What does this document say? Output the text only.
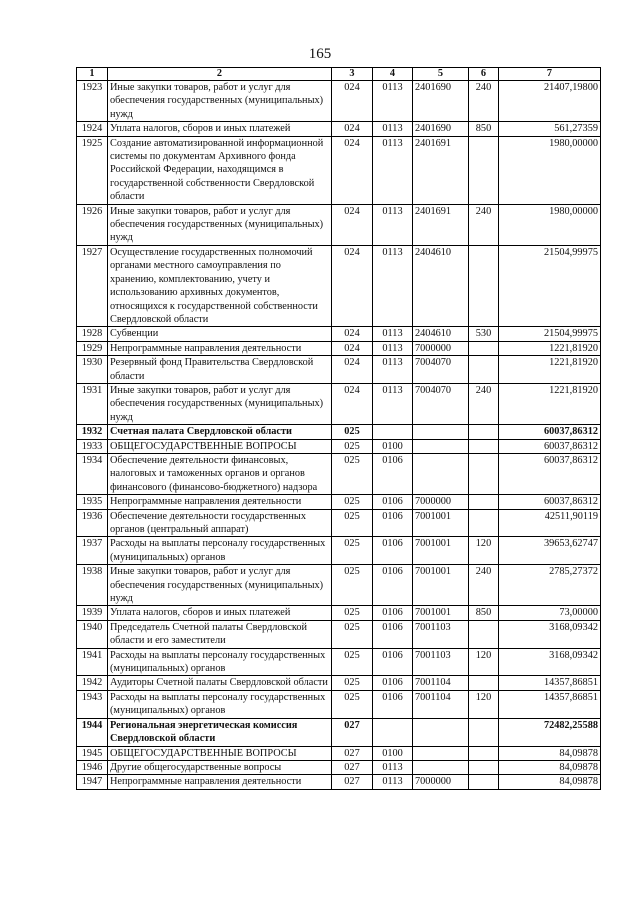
165
1	2	3	4	5	6	7
1923	Иные закупки товаров, работ и услуг для обеспечения государственных (муниципальных) нужд	024	0113	2401690	240	21407,19800
1924	Уплата налогов, сборов и иных платежей	024	0113	2401690	850	561,27359
1925	Создание автоматизированной информационной системы по документам Архивного фонда Российской Федерации, находящимся в государственной собственности Свердловской области	024	0113	2401691		1980,00000
1926	Иные закупки товаров, работ и услуг для обеспечения государственных (муниципальных) нужд	024	0113	2401691	240	1980,00000
1927	Осуществление государственных полномочий органами местного самоуправления по хранению, комплектованию, учету и использованию архивных документов, относящихся к государственной собственности Свердловской области	024	0113	2404610		21504,99975
1928	Субвенции	024	0113	2404610	530	21504,99975
1929	Непрограммные направления деятельности	024	0113	7000000		1221,81920
1930	Резервный фонд Правительства Свердловской области	024	0113	7004070		1221,81920
1931	Иные закупки товаров, работ и услуг для обеспечения государственных (муниципальных) нужд	024	0113	7004070	240	1221,81920
1932	Счетная палата Свердловской области	025				60037,86312
1933	ОБЩЕГОСУДАРСТВЕННЫЕ ВОПРОСЫ	025	0100			60037,86312
1934	Обеспечение деятельности финансовых, налоговых и таможенных органов и органов финансового (финансово-бюджетного) надзора	025	0106			60037,86312
1935	Непрограммные направления деятельности	025	0106	7000000		60037,86312
1936	Обеспечение деятельности государственных органов (центральный аппарат)	025	0106	7001001		42511,90119
1937	Расходы на выплаты персоналу государственных (муниципальных) органов	025	0106	7001001	120	39653,62747
1938	Иные закупки товаров, работ и услуг для обеспечения государственных (муниципальных) нужд	025	0106	7001001	240	2785,27372
1939	Уплата налогов, сборов и иных платежей	025	0106	7001001	850	73,00000
1940	Председатель Счетной палаты Свердловской области и его заместители	025	0106	7001103		3168,09342
1941	Расходы на выплаты персоналу государственных (муниципальных) органов	025	0106	7001103	120	3168,09342
1942	Аудиторы Счетной палаты Свердловской области	025	0106	7001104		14357,86851
1943	Расходы на выплаты персоналу государственных (муниципальных) органов	025	0106	7001104	120	14357,86851
1944	Региональная энергетическая комиссия Свердловской области	027				72482,25588
1945	ОБЩЕГОСУДАРСТВЕННЫЕ ВОПРОСЫ	027	0100			84,09878
1946	Другие общегосударственные вопросы	027	0113			84,09878
1947	Непрограммные направления деятельности	027	0113	7000000		84,09878
